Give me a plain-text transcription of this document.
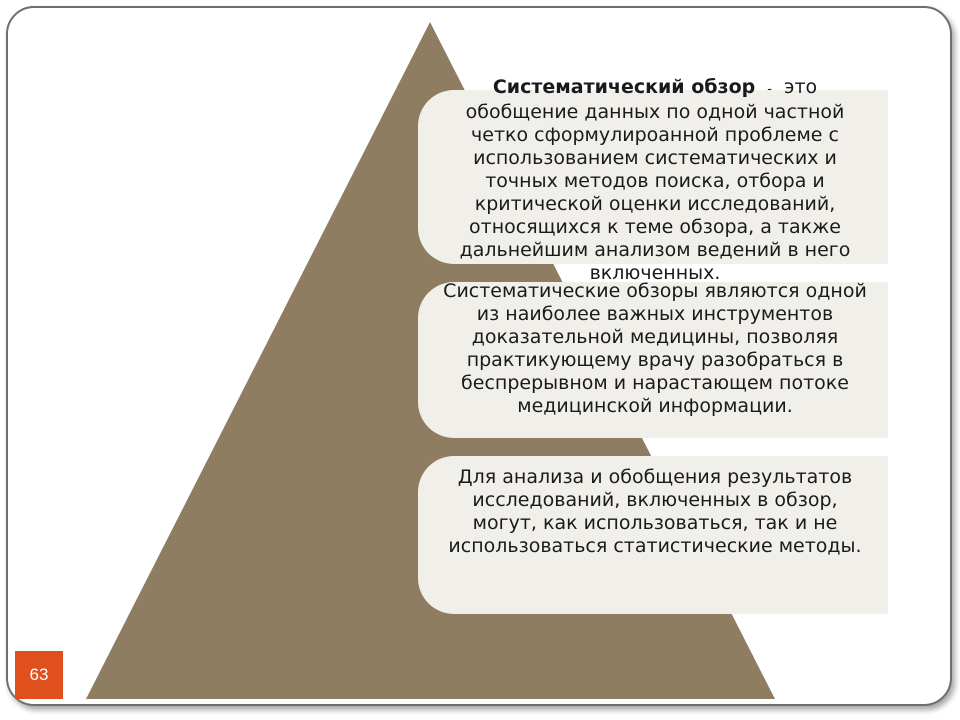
Систематический обзор - это обобщение данных по одной частной четко сформулироанной проблеме с использованием систематических и точных методов поиска, отбора и критической оценки исследований, относящихся к теме обзора, а также дальнейшим анализом ведений в него включенных.
Систематические обзоры являются одной из наиболее важных инструментов доказательной медицины, позволяя практикующему врачу разобраться в беспрерывном и нарастающем потоке медицинской информации.
Для анализа и обобщения результатов исследований, включенных в обзор, могут, как использоваться, так и не использоваться статистические методы.
63
